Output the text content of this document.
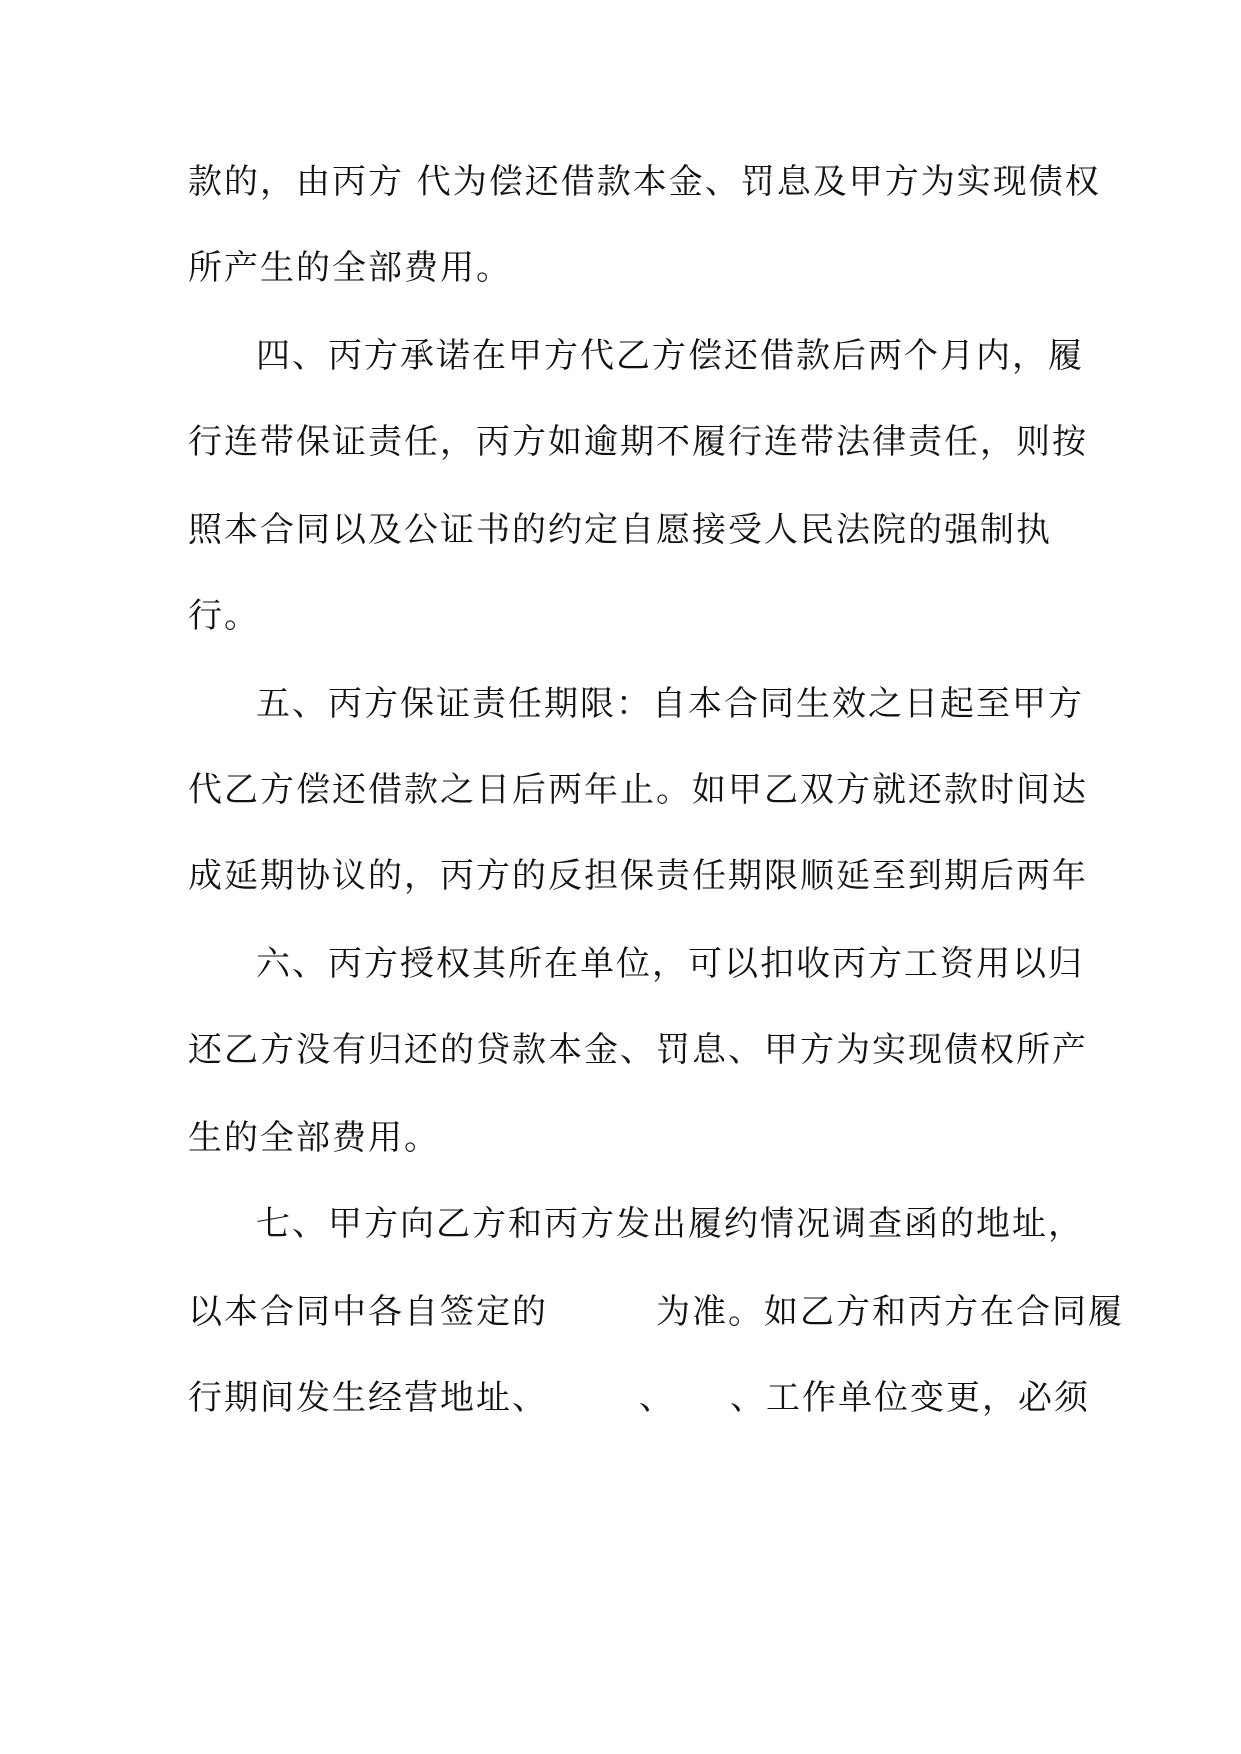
款的，由丙方 代为偿还借款本金、罚息及甲方为实现债权

所产生的全部费用。

四、丙方承诺在甲方代乙方偿还借款后两个月内，履

行连带保证责任，丙方如逾期不履行连带法律责任，则按

照本合同以及公证书的约定自愿接受人民法院的强制执

行。

五、丙方保证责任期限：自本合同生效之日起至甲方

代乙方偿还借款之日后两年止。如甲乙双方就还款时间达

成延期协议的，丙方的反担保责任期限顺延至到期后两年

六、丙方授权其所在单位，可以扣收丙方工资用以归

还乙方没有归还的贷款本金、罚息、甲方为实现债权所产

生的全部费用。

七、甲方向乙方和丙方发出履约情况调查函的地址，

以本合同中各自签定的　　　为准。如乙方和丙方在合同履

行期间发生经营地址、　　　、　　、工作单位变更，必须
